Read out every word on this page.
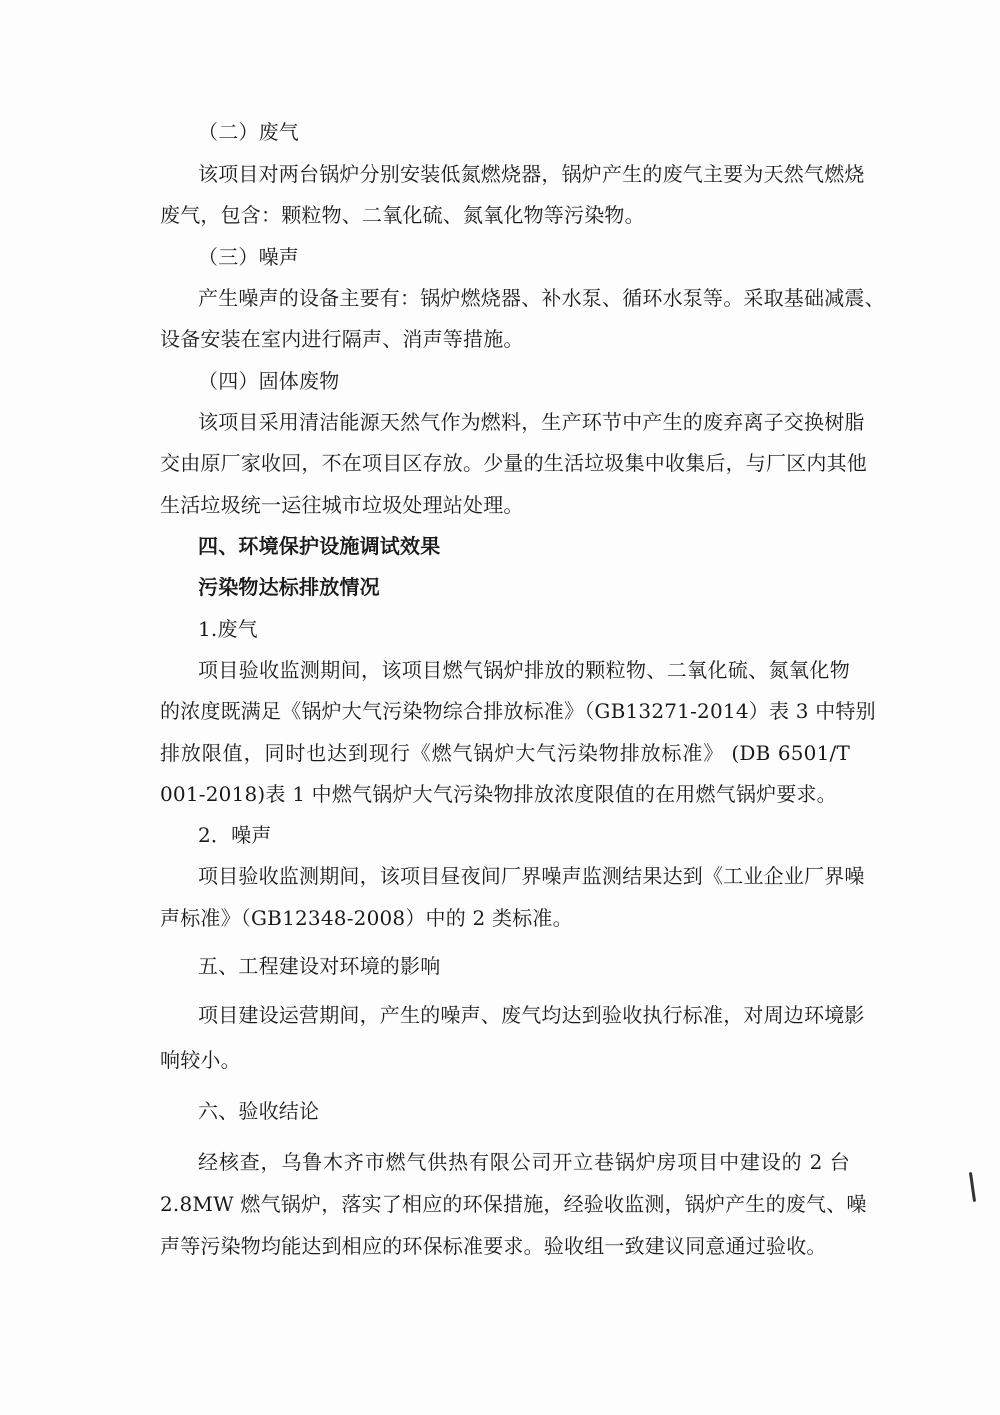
（二）废气
该项目对两台锅炉分别安装低氮燃烧器，锅炉产生的废气主要为天然气燃烧
废气，包含：颗粒物、二氧化硫、氮氧化物等污染物。
（三）噪声
产生噪声的设备主要有：锅炉燃烧器、补水泵、循环水泵等。采取基础减震、
设备安装在室内进行隔声、消声等措施。
（四）固体废物
该项目采用清洁能源天然气作为燃料，生产环节中产生的废弃离子交换树脂
交由原厂家收回，不在项目区存放。少量的生活垃圾集中收集后，与厂区内其他
生活垃圾统一运往城市垃圾处理站处理。
四、环境保护设施调试效果
污染物达标排放情况
1.废气
项目验收监测期间，该项目燃气锅炉排放的颗粒物、二氧化硫、氮氧化物
的浓度既满足《锅炉大气污染物综合排放标准》（GB13271-2014）表 3 中特别
排放限值，同时也达到现行《燃气锅炉大气污染物排放标准》 (DB 6501/T
001-2018)表 1 中燃气锅炉大气污染物排放浓度限值的在用燃气锅炉要求。
2．噪声
项目验收监测期间，该项目昼夜间厂界噪声监测结果达到《工业企业厂界噪
声标准》（GB12348-2008）中的 2 类标准。
五、工程建设对环境的影响
项目建设运营期间，产生的噪声、废气均达到验收执行标准，对周边环境影
响较小。
六、验收结论
经核查，乌鲁木齐市燃气供热有限公司开立巷锅炉房项目中建设的 2 台
2.8MW 燃气锅炉，落实了相应的环保措施，经验收监测，锅炉产生的废气、噪
声等污染物均能达到相应的环保标准要求。验收组一致建议同意通过验收。
